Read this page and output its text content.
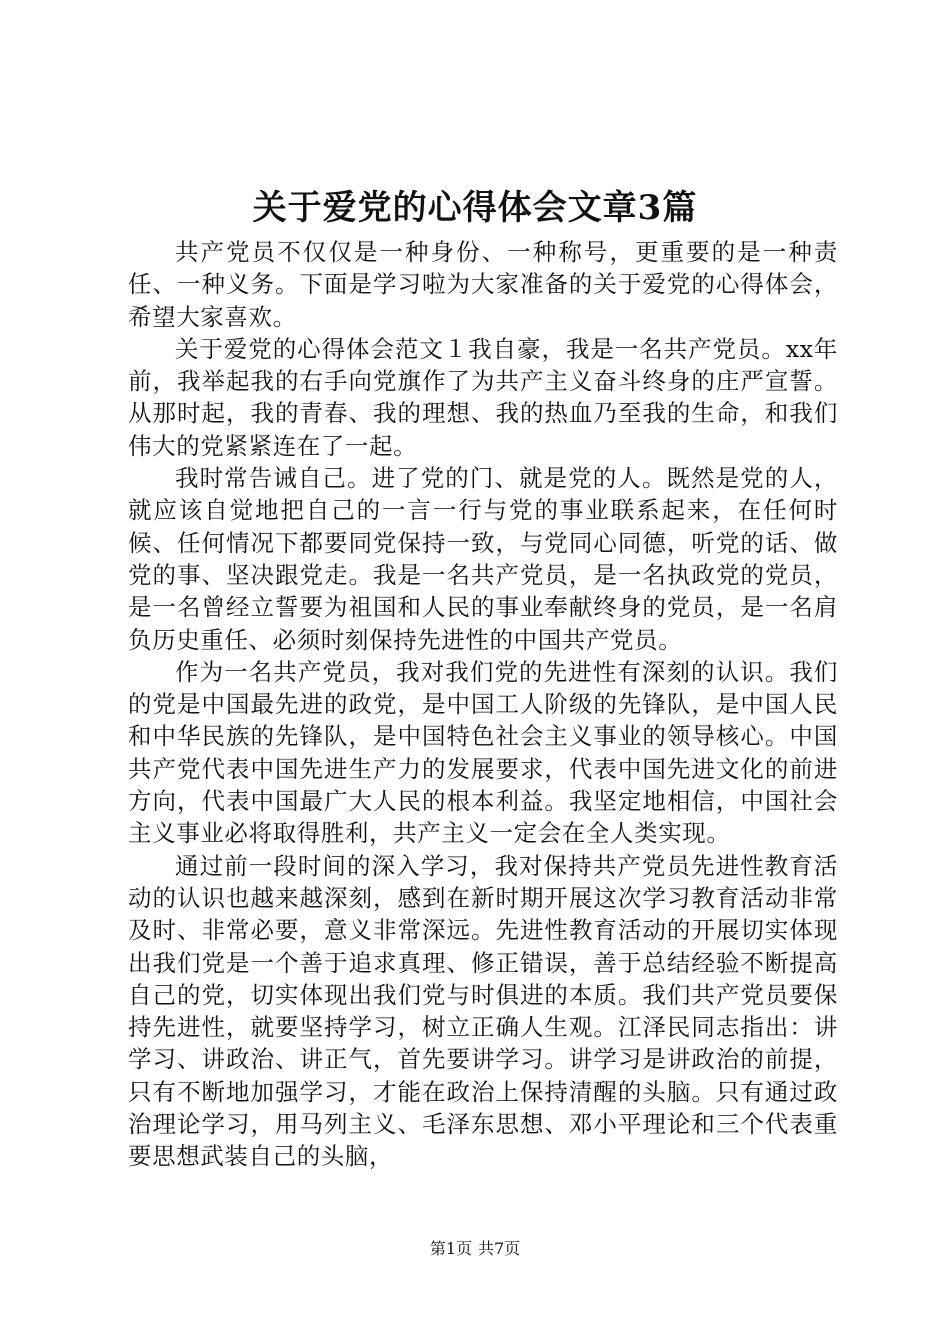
关于爱党的心得体会文章3篇

共产党员不仅仅是一种身份、一种称号，更重要的是一种责任、一种义务。下面是学习啦为大家准备的关于爱党的心得体会，希望大家喜欢。

关于爱党的心得体会范文１我自豪，我是一名共产党员。xx年前，我举起我的右手向党旗作了为共产主义奋斗终身的庄严宣誓。从那时起，我的青春、我的理想、我的热血乃至我的生命，和我们伟大的党紧紧连在了一起。

我时常告诫自己。进了党的门、就是党的人。既然是党的人，就应该自觉地把自己的一言一行与党的事业联系起来，在任何时候、任何情况下都要同党保持一致，与党同心同德，听党的话、做党的事、坚决跟党走。我是一名共产党员，是一名执政党的党员，是一名曾经立誓要为祖国和人民的事业奉献终身的党员，是一名肩负历史重任、必须时刻保持先进性的中国共产党员。

作为一名共产党员，我对我们党的先进性有深刻的认识。我们的党是中国最先进的政党，是中国工人阶级的先锋队，是中国人民和中华民族的先锋队，是中国特色社会主义事业的领导核心。中国共产党代表中国先进生产力的发展要求，代表中国先进文化的前进方向，代表中国最广大人民的根本利益。我坚定地相信，中国社会主义事业必将取得胜利，共产主义一定会在全人类实现。

通过前一段时间的深入学习，我对保持共产党员先进性教育活动的认识也越来越深刻，感到在新时期开展这次学习教育活动非常及时、非常必要，意义非常深远。先进性教育活动的开展切实体现出我们党是一个善于追求真理、修正错误，善于总结经验不断提高自己的党，切实体现出我们党与时俱进的本质。我们共产党员要保持先进性，就要坚持学习，树立正确人生观。江泽民同志指出：讲学习、讲政治、讲正气，首先要讲学习。讲学习是讲政治的前提，只有不断地加强学习，才能在政治上保持清醒的头脑。只有通过政治理论学习，用马列主义、毛泽东思想、邓小平理论和三个代表重要思想武装自己的头脑，

第1页 共7页
